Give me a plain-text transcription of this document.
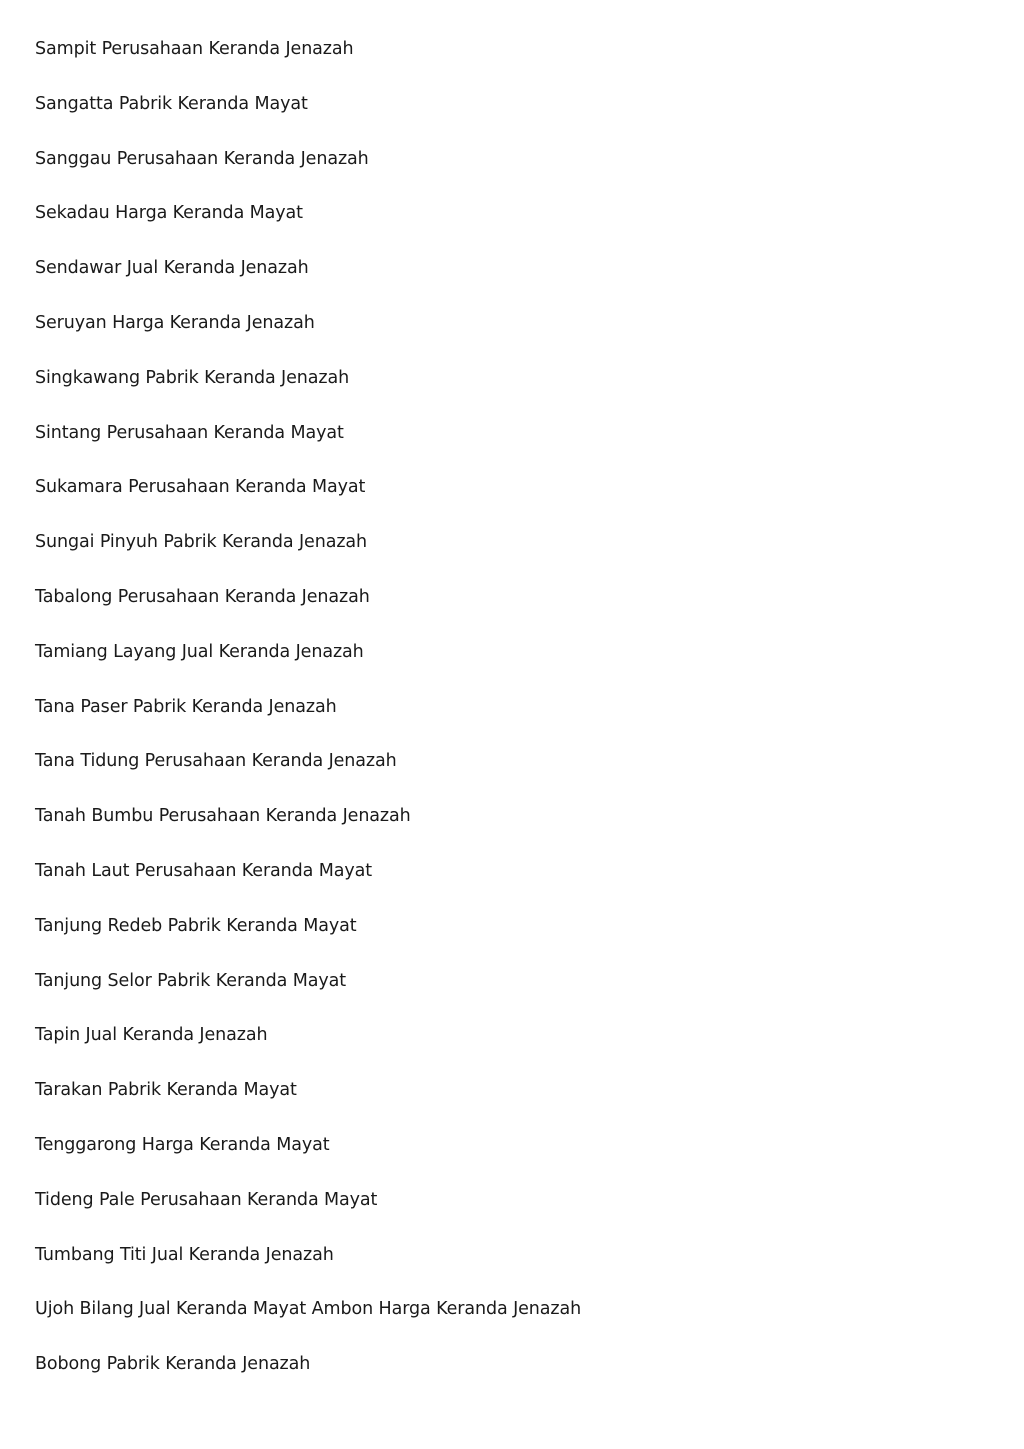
Sampit Perusahaan Keranda Jenazah
Sangatta Pabrik Keranda Mayat
Sanggau Perusahaan Keranda Jenazah
Sekadau Harga Keranda Mayat
Sendawar Jual Keranda Jenazah
Seruyan Harga Keranda Jenazah
Singkawang Pabrik Keranda Jenazah
Sintang Perusahaan Keranda Mayat
Sukamara Perusahaan Keranda Mayat
Sungai Pinyuh Pabrik Keranda Jenazah
Tabalong Perusahaan Keranda Jenazah
Tamiang Layang Jual Keranda Jenazah
Tana Paser Pabrik Keranda Jenazah
Tana Tidung Perusahaan Keranda Jenazah
Tanah Bumbu Perusahaan Keranda Jenazah
Tanah Laut Perusahaan Keranda Mayat
Tanjung Redeb Pabrik Keranda Mayat
Tanjung Selor Pabrik Keranda Mayat
Tapin Jual Keranda Jenazah
Tarakan Pabrik Keranda Mayat
Tenggarong Harga Keranda Mayat
Tideng Pale Perusahaan Keranda Mayat
Tumbang Titi Jual Keranda Jenazah
Ujoh Bilang Jual Keranda Mayat Ambon Harga Keranda Jenazah
Bobong Pabrik Keranda Jenazah
